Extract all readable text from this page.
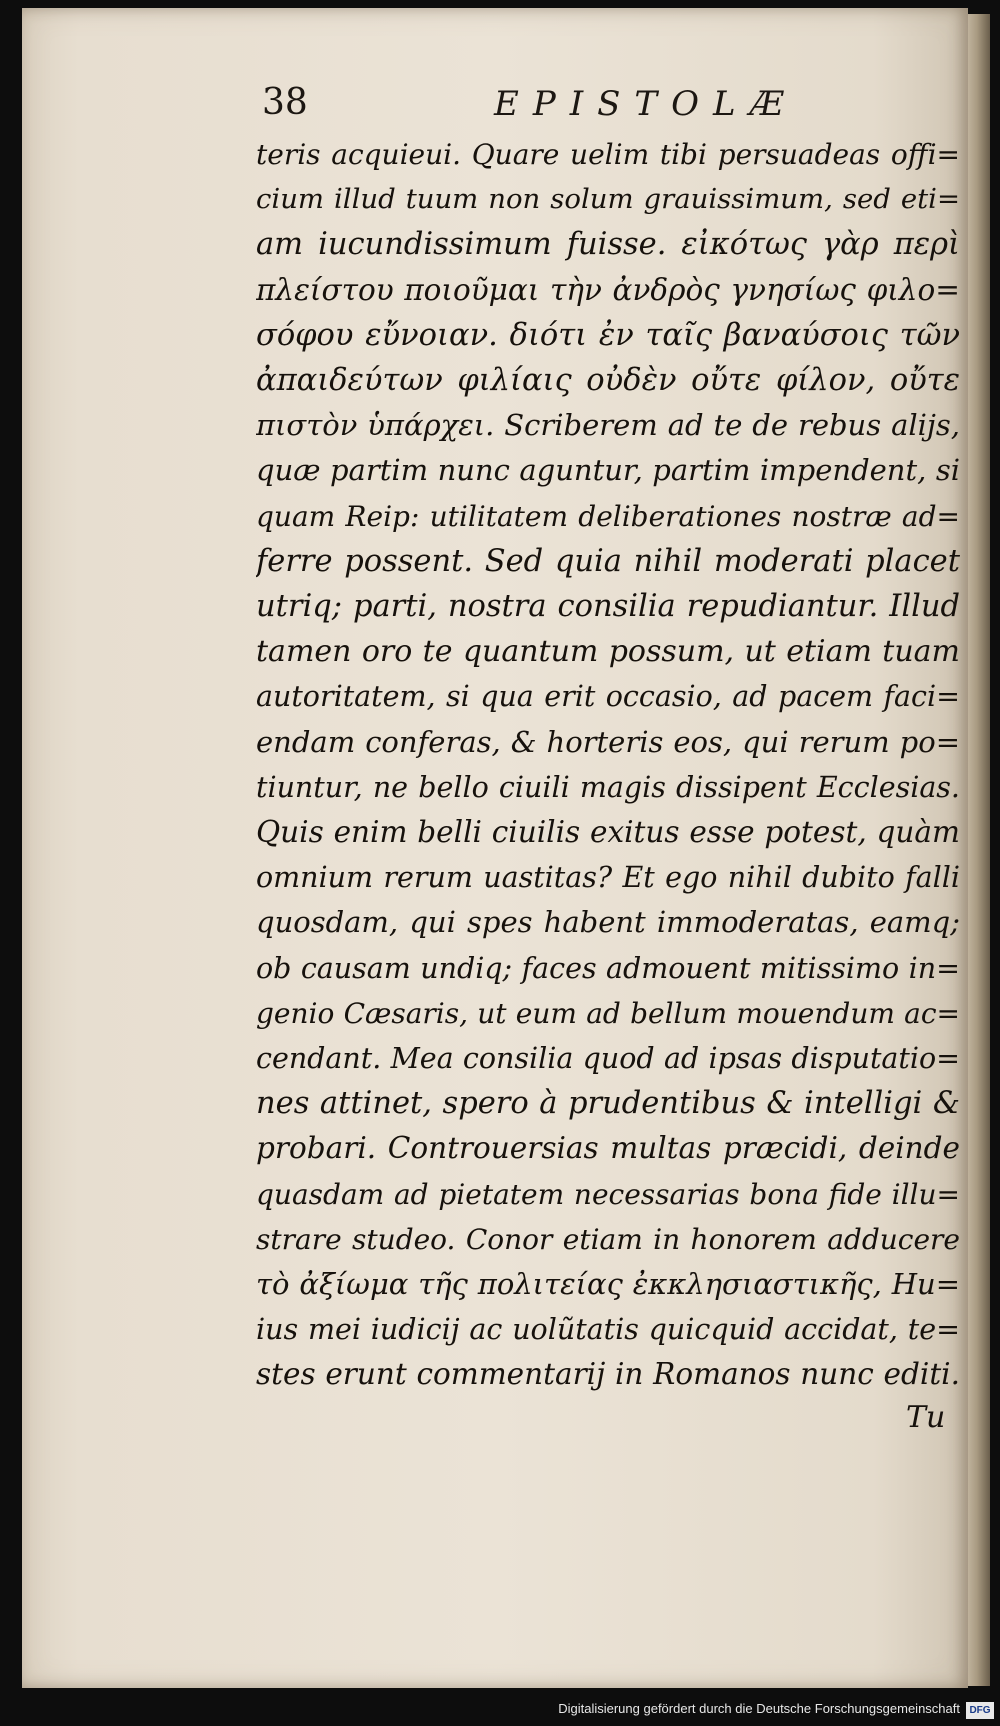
38	EPISTOLÆ
teris acquieui. Quare uelim tibi persuadeas offi=
cium illud tuum non solum grauissimum, sed eti=
am iucundissimum fuisse. εἰκότως γὰρ περὶ
πλείστου ποιοῦμαι τὴν ἀνδρὸς γνησίως φιλο=
σόφου εὔνοιαν. διότι ἐν ταῖς βαναύσοις τῶν
ἀπαιδεύτων φιλίαις οὐδὲν οὔτε φίλον, οὔτε
πιστὸν ὑπάρχει. Scriberem ad te de rebus alijs,
quæ partim nunc aguntur, partim impendent, si
quam Reip: utilitatem deliberationes nostræ ad=
ferre possent. Sed quia nihil moderati placet
utriq; parti, nostra consilia repudiantur. Illud
tamen oro te quantum possum, ut etiam tuam
autoritatem, si qua erit occasio, ad pacem faci=
endam conferas, & horteris eos, qui rerum po=
tiuntur, ne bello ciuili magis dissipent Ecclesias.
Quis enim belli ciuilis exitus esse potest, quàm
omnium rerum uastitas? Et ego nihil dubito falli
quosdam, qui spes habent immoderatas, eamq;
ob causam undiq; faces admouent mitissimo in=
genio Cæsaris, ut eum ad bellum mouendum ac=
cendant. Mea consilia quod ad ipsas disputatio=
nes attinet, spero à prudentibus & intelligi &
probari. Controuersias multas præcidi, deinde
quasdam ad pietatem necessarias bona fide illu=
strare studeo. Conor etiam in honorem adducere
τὸ ἀξίωμα τῆς πολιτείας ἐκκλησιαστικῆς, Hu=
ius mei iudicij ac uolũtatis quicquid accidat, te=
stes erunt commentarij in Romanos nunc editi.
Tu
Digitalisierung gefördert durch die Deutsche Forschungsgemeinschaft DFG
